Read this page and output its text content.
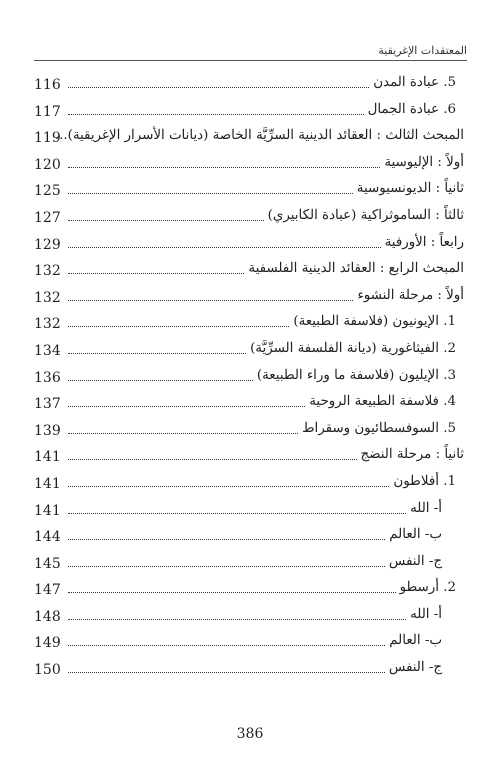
المعتقدات الإغريقية
5. عبادة المدن
116
6. عبادة الجمال
117
المبحث الثالث : العقائد الدينية السرِّيَّة الخاصة (ديانات الأسرار الإغريقية)...
119
أولاً : الإليوسية
120
ثانياً : الديونسيوسية
125
ثالثاً : الساموثراكية (عبادة الكابيري)
127
رابعاً : الأورفية
129
المبحث الرابع : العقائد الدينية الفلسفية
132
أولاً : مرحلة النشوء
132
1. الإيونيون (فلاسفة الطبيعة)
132
2. الفيثاغورية (ديانة الفلسفة السرِّيَّة)
134
3. الإيليون (فلاسفة ما وراء الطبيعة)
136
4. فلاسفة الطبيعة الروحية
137
5. السوفسطائيون وسقراط
139
ثانياً : مرحلة النضج
141
1. أفلاطون
141
أ- الله
141
ب- العالم
144
ج- النفس
145
2. أرسطو
147
أ- الله
148
ب- العالم
149
ج- النفس
150
386
